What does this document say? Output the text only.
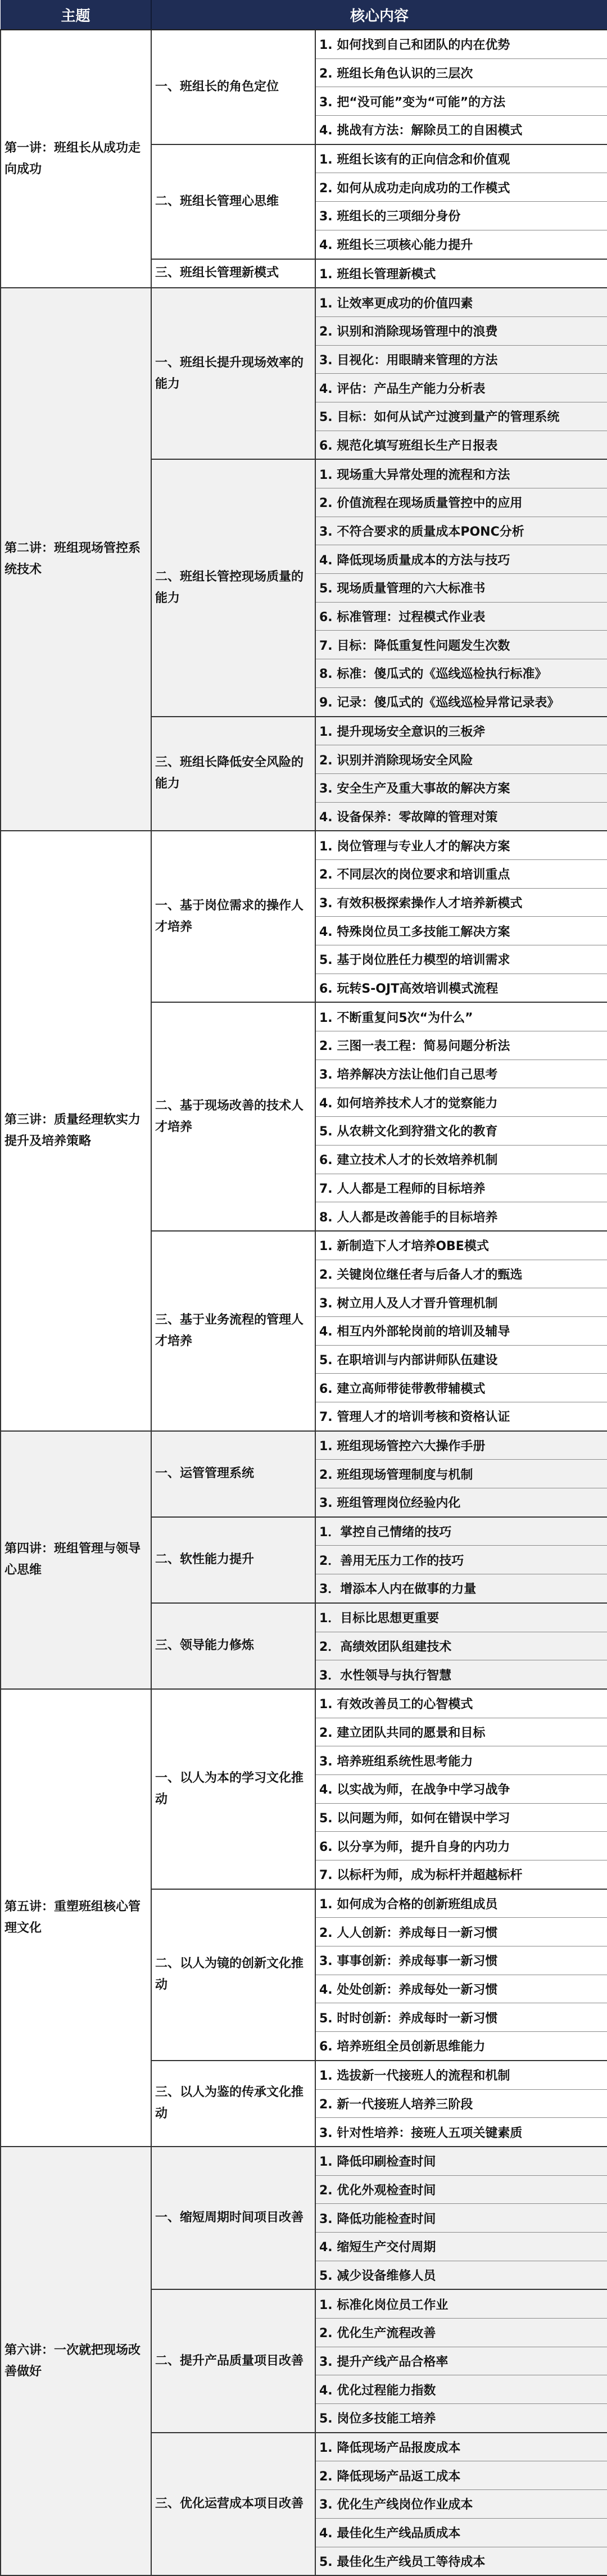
主题	核心内容	
第一讲：班组长从成功走向成功	一、班组长的角色定位	1. 如何找到自己和团队的内在优势
		2. 班组长角色认识的三层次
		3. 把“没可能”变为“可能”的方法
		4. 挑战有方法：解除员工的自困模式
	二、班组长管理心思维	1. 班组长该有的正向信念和价值观
		2. 如何从成功走向成功的工作模式
		3. 班组长的三项细分身份
		4. 班组长三项核心能力提升
	三、班组长管理新模式	1. 班组长管理新模式
第二讲：班组现场管控系统技术	一、班组长提升现场效率的能力	1. 让效率更成功的价值四素
		2. 识别和消除现场管理中的浪费
		3. 目视化：用眼睛来管理的方法
		4. 评估：产品生产能力分析表
		5. 目标：如何从试产过渡到量产的管理系统
		6. 规范化填写班组长生产日报表
	二、班组长管控现场质量的能力	1. 现场重大异常处理的流程和方法
		2. 价值流程在现场质量管控中的应用
		3. 不符合要求的质量成本PONC分析
		4. 降低现场质量成本的方法与技巧
		5. 现场质量管理的六大标准书
		6. 标准管理：过程模式作业表
		7. 目标：降低重复性问题发生次数
		8. 标准：傻瓜式的《巡线巡检执行标准》
		9. 记录：傻瓜式的《巡线巡检异常记录表》
	三、班组长降低安全风险的能力	1. 提升现场安全意识的三板斧
		2. 识别并消除现场安全风险
		3. 安全生产及重大事故的解决方案
		4. 设备保养：零故障的管理对策
第三讲：质量经理软实力提升及培养策略	一、基于岗位需求的操作人才培养	1. 岗位管理与专业人才的解决方案
		2. 不同层次的岗位要求和培训重点
		3. 有效积极探索操作人才培养新模式
		4. 特殊岗位员工多技能工解决方案
		5. 基于岗位胜任力模型的培训需求
		6. 玩转S-OJT高效培训模式流程
	二、基于现场改善的技术人才培养	1. 不断重复问5次“为什么”
		2. 三图一表工程：简易问题分析法
		3. 培养解决方法让他们自己思考
		4. 如何培养技术人才的觉察能力
		5. 从农耕文化到狩猎文化的教育
		6. 建立技术人才的长效培养机制
		7. 人人都是工程师的目标培养
		8. 人人都是改善能手的目标培养
	三、基于业务流程的管理人才培养	1. 新制造下人才培养OBE模式
		2. 关键岗位继任者与后备人才的甄选
		3. 树立用人及人才晋升管理机制
		4. 相互内外部轮岗前的培训及辅导
		5. 在职培训与内部讲师队伍建设
		6. 建立高师带徒带教带辅模式
		7. 管理人才的培训考核和资格认证
第四讲：班组管理与领导心思维	一、运管管理系统	1. 班组现场管控六大操作手册
		2. 班组现场管理制度与机制
		3. 班组管理岗位经验内化
	二、软性能力提升	1．掌控自己情绪的技巧
		2．善用无压力工作的技巧
		3．增添本人内在做事的力量
	三、领导能力修炼	1．目标比思想更重要
		2．高绩效团队组建技术
		3．水性领导与执行智慧
第五讲：重塑班组核心管理文化	一、以人为本的学习文化推动	1. 有效改善员工的心智模式
		2. 建立团队共同的愿景和目标
		3. 培养班组系统性思考能力
		4. 以实战为师，在战争中学习战争
		5. 以问题为师，如何在错误中学习
		6. 以分享为师，提升自身的内功力
		7. 以标杆为师，成为标杆并超越标杆
	二、以人为镜的创新文化推动	1. 如何成为合格的创新班组成员
		2. 人人创新：养成每日一新习惯
		3. 事事创新：养成每事一新习惯
		4. 处处创新：养成每处一新习惯
		5. 时时创新：养成每时一新习惯
		6. 培养班组全员创新思维能力
	三、以人为鉴的传承文化推动	1. 选拔新一代接班人的流程和机制
		2. 新一代接班人培养三阶段
		3. 针对性培养：接班人五项关键素质
第六讲：一次就把现场改善做好	一、缩短周期时间项目改善	1. 降低印刷检查时间
		2. 优化外观检查时间
		3. 降低功能检查时间
		4. 缩短生产交付周期
		5. 减少设备维修人员
	二、提升产品质量项目改善	1. 标准化岗位员工作业
		2. 优化生产流程改善
		3. 提升产线产品合格率
		4. 优化过程能力指数
		5. 岗位多技能工培养
	三、优化运营成本项目改善	1. 降低现场产品报废成本
		2. 降低现场产品返工成本
		3. 优化生产线岗位作业成本
		4. 最佳化生产线品质成本
		5. 最佳化生产线员工等待成本
